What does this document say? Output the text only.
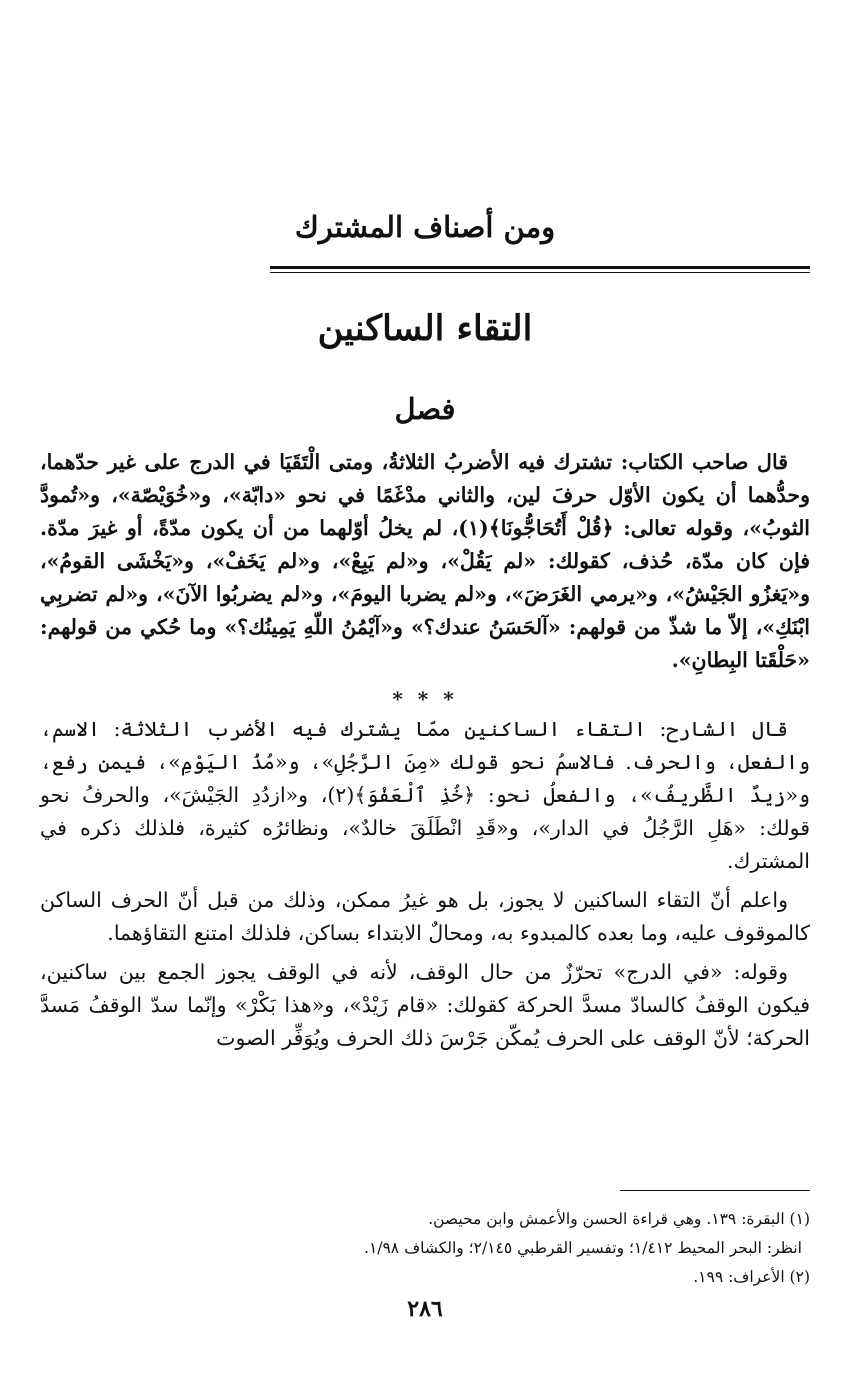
ومن أصناف المشترك
التقاء الساكنين
فصل

قال صاحب الكتاب: تشترك فيه الأضربُ الثلاثةُ، ومتى الْتَقَيَا في الدرج على غير حدّهما، وحدُّهما أن يكون الأوّل حرفَ لين، والثاني مدْغَمًا في نحو «دابّة»، و«خُوَيْصّة»، و«تُمودَّ الثوبُ»، وقوله تعالى: ﴿قُلْ أَتُحَاجُّونَا﴾(١)، لم يخلُ أوّلهما من أن يكون مدّةً، أو غيرَ مدّة. فإن كان مدّة، حُذف، كقولك: «لم يَقُلْ»، و«لم يَبِعْ»، و«لم يَخَفْ»، و«يَخْشَى القومُ»، و«يَغزُو الجَيْشُ»، و«يرمي الغَرَضَ»، و«لم يضربا اليومَ»، و«لم يضربُوا الآنَ»، و«لم تضربِي ابْنَكِ»، إلاّ ما شذّ من قولهم: «آلحَسَنُ عندك؟» و«آيْمُنُ اللّهِ يَمِينُك؟» وما حُكي من قولهم: «حَلْقَتا البِطانِ».

* * *

قال الشارح: التقاء الساكنين ممّا يشترك فيه الأضرب الثلاثة: الاسم، والفعل، والحرف. فالاسمُ نحو قولك «مِنَ الرَّجُلِ»، و«مُذُ اليَوْمِ»، فيمن رفع، و«زيدٌ الظَّريفُ»، والفعلُ نحو: ﴿خُذِ ٱلْعَفْوَ﴾(٢)، و«ازدُدِ الجَيْشَ»، والحرفُ نحو قولك: «هَلِ الرَّجُلُ في الدار»، و«قَدِ انْطَلَقَ خالدٌ»، ونظائرُه كثيرة، فلذلك ذكره في المشترك.

واعلم أنّ التقاء الساكنين لا يجوز، بل هو غيرُ ممكن، وذلك من قبل أنّ الحرف الساكن كالموقوف عليه، وما بعده كالمبدوء به، ومحالٌ الابتداء بساكن، فلذلك امتنع التقاؤهما.

وقوله: «في الدرج» تحرّزٌ من حال الوقف، لأنه في الوقف يجوز الجمع بين ساكنين، فيكون الوقفُ كالسادّ مسدَّ الحركة كقولك: «قام زَيْدْ»، و«هذا بَكْرْ» وإنّما سدّ الوقفُ مَسدَّ الحركة؛ لأنّ الوقف على الحرف يُمكّن جَرْسَ ذلك الحرف ويُوَفِّر الصوت

(١) البقرة: ١٣٩. وهي قراءة الحسن والأعمش وابن محيصن.

انظر: البحر المحيط ١/٤١٢؛ وتفسير القرطبي ٢/١٤٥؛ والكشاف ١/٩٨.

(٢) الأعراف: ١٩٩.

٢٨٦
